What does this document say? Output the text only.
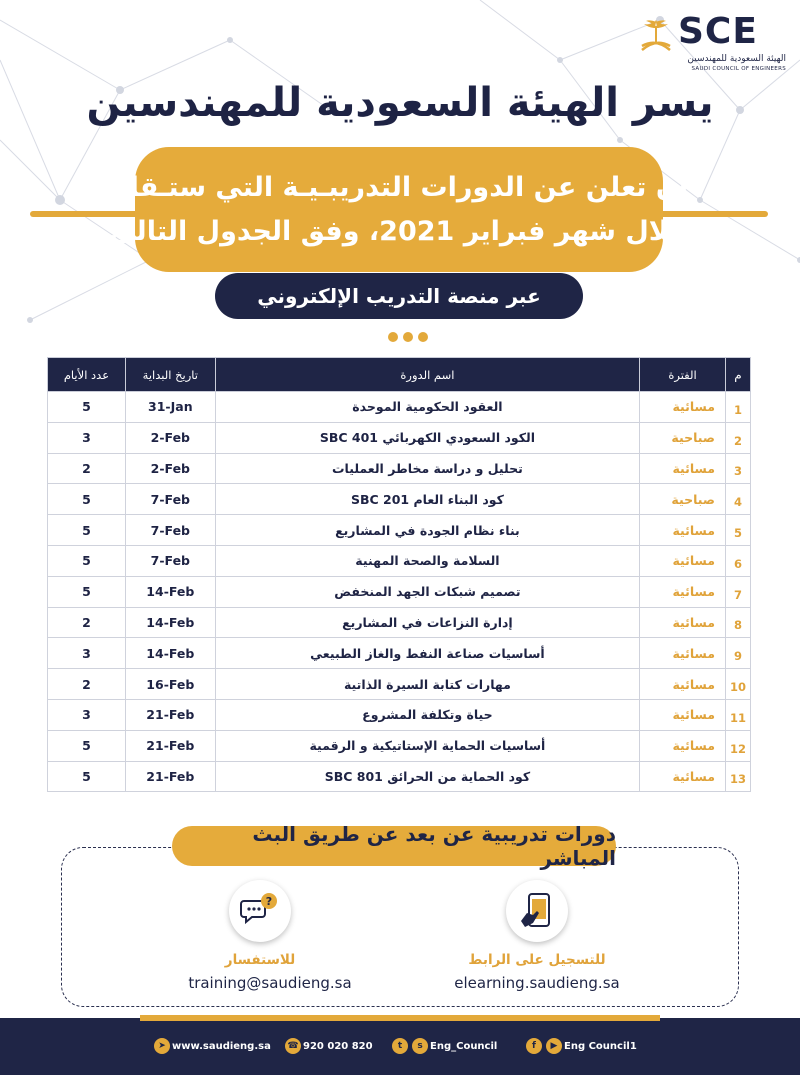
SCE
الهيئة السعودية للمهندسين
SAUDI COUNCIL OF ENGINEERS
يسر الهيئة السعودية للمهندسين
أن تعلن عن الدورات التدريبـيـة التي ستـقام
خلال شهر فبراير 2021، وفق الجدول التالي
عبر منصة التدريب الإلكتروني
عدد الأيام	تاريخ البداية	اسم الدورة	الفترة	م
5	31-Jan	العقود الحكومية الموحدة	مسائية	1
3	2-Feb	الكود السعودي الكهربائي SBC 401	صباحية	2
2	2-Feb	تحليل و دراسة مخاطر العمليات	مسائية	3
5	7-Feb	كود البناء العام SBC 201	صباحية	4
5	7-Feb	بناء نظام الجودة في المشاريع	مسائية	5
5	7-Feb	السلامة والصحة المهنية	مسائية	6
5	14-Feb	تصميم شبكات الجهد المنخفض	مسائية	7
2	14-Feb	إدارة النزاعات في المشاريع	مسائية	8
3	14-Feb	أساسيات صناعة النفط والغاز الطبيعي	مسائية	9
2	16-Feb	مهارات كتابة السيرة الذاتية	مسائية	10
3	21-Feb	حياة وتكلفة المشروع	مسائية	11
5	21-Feb	أساسيات الحماية الإستاتيكية و الرقمية	مسائية	12
5	21-Feb	كود الحماية من الحرائق SBC 801	مسائية	13
دورات تدريبية عن بعد عن طريق البث المباشر
للتسجيل على الرابط
elearning.saudieng.sa
?
للاستفسار
training@saudieng.sa
➤ www.saudieng.sa ☎ 920 020 820	t	s Eng_Council	f	▶ Eng Council1
